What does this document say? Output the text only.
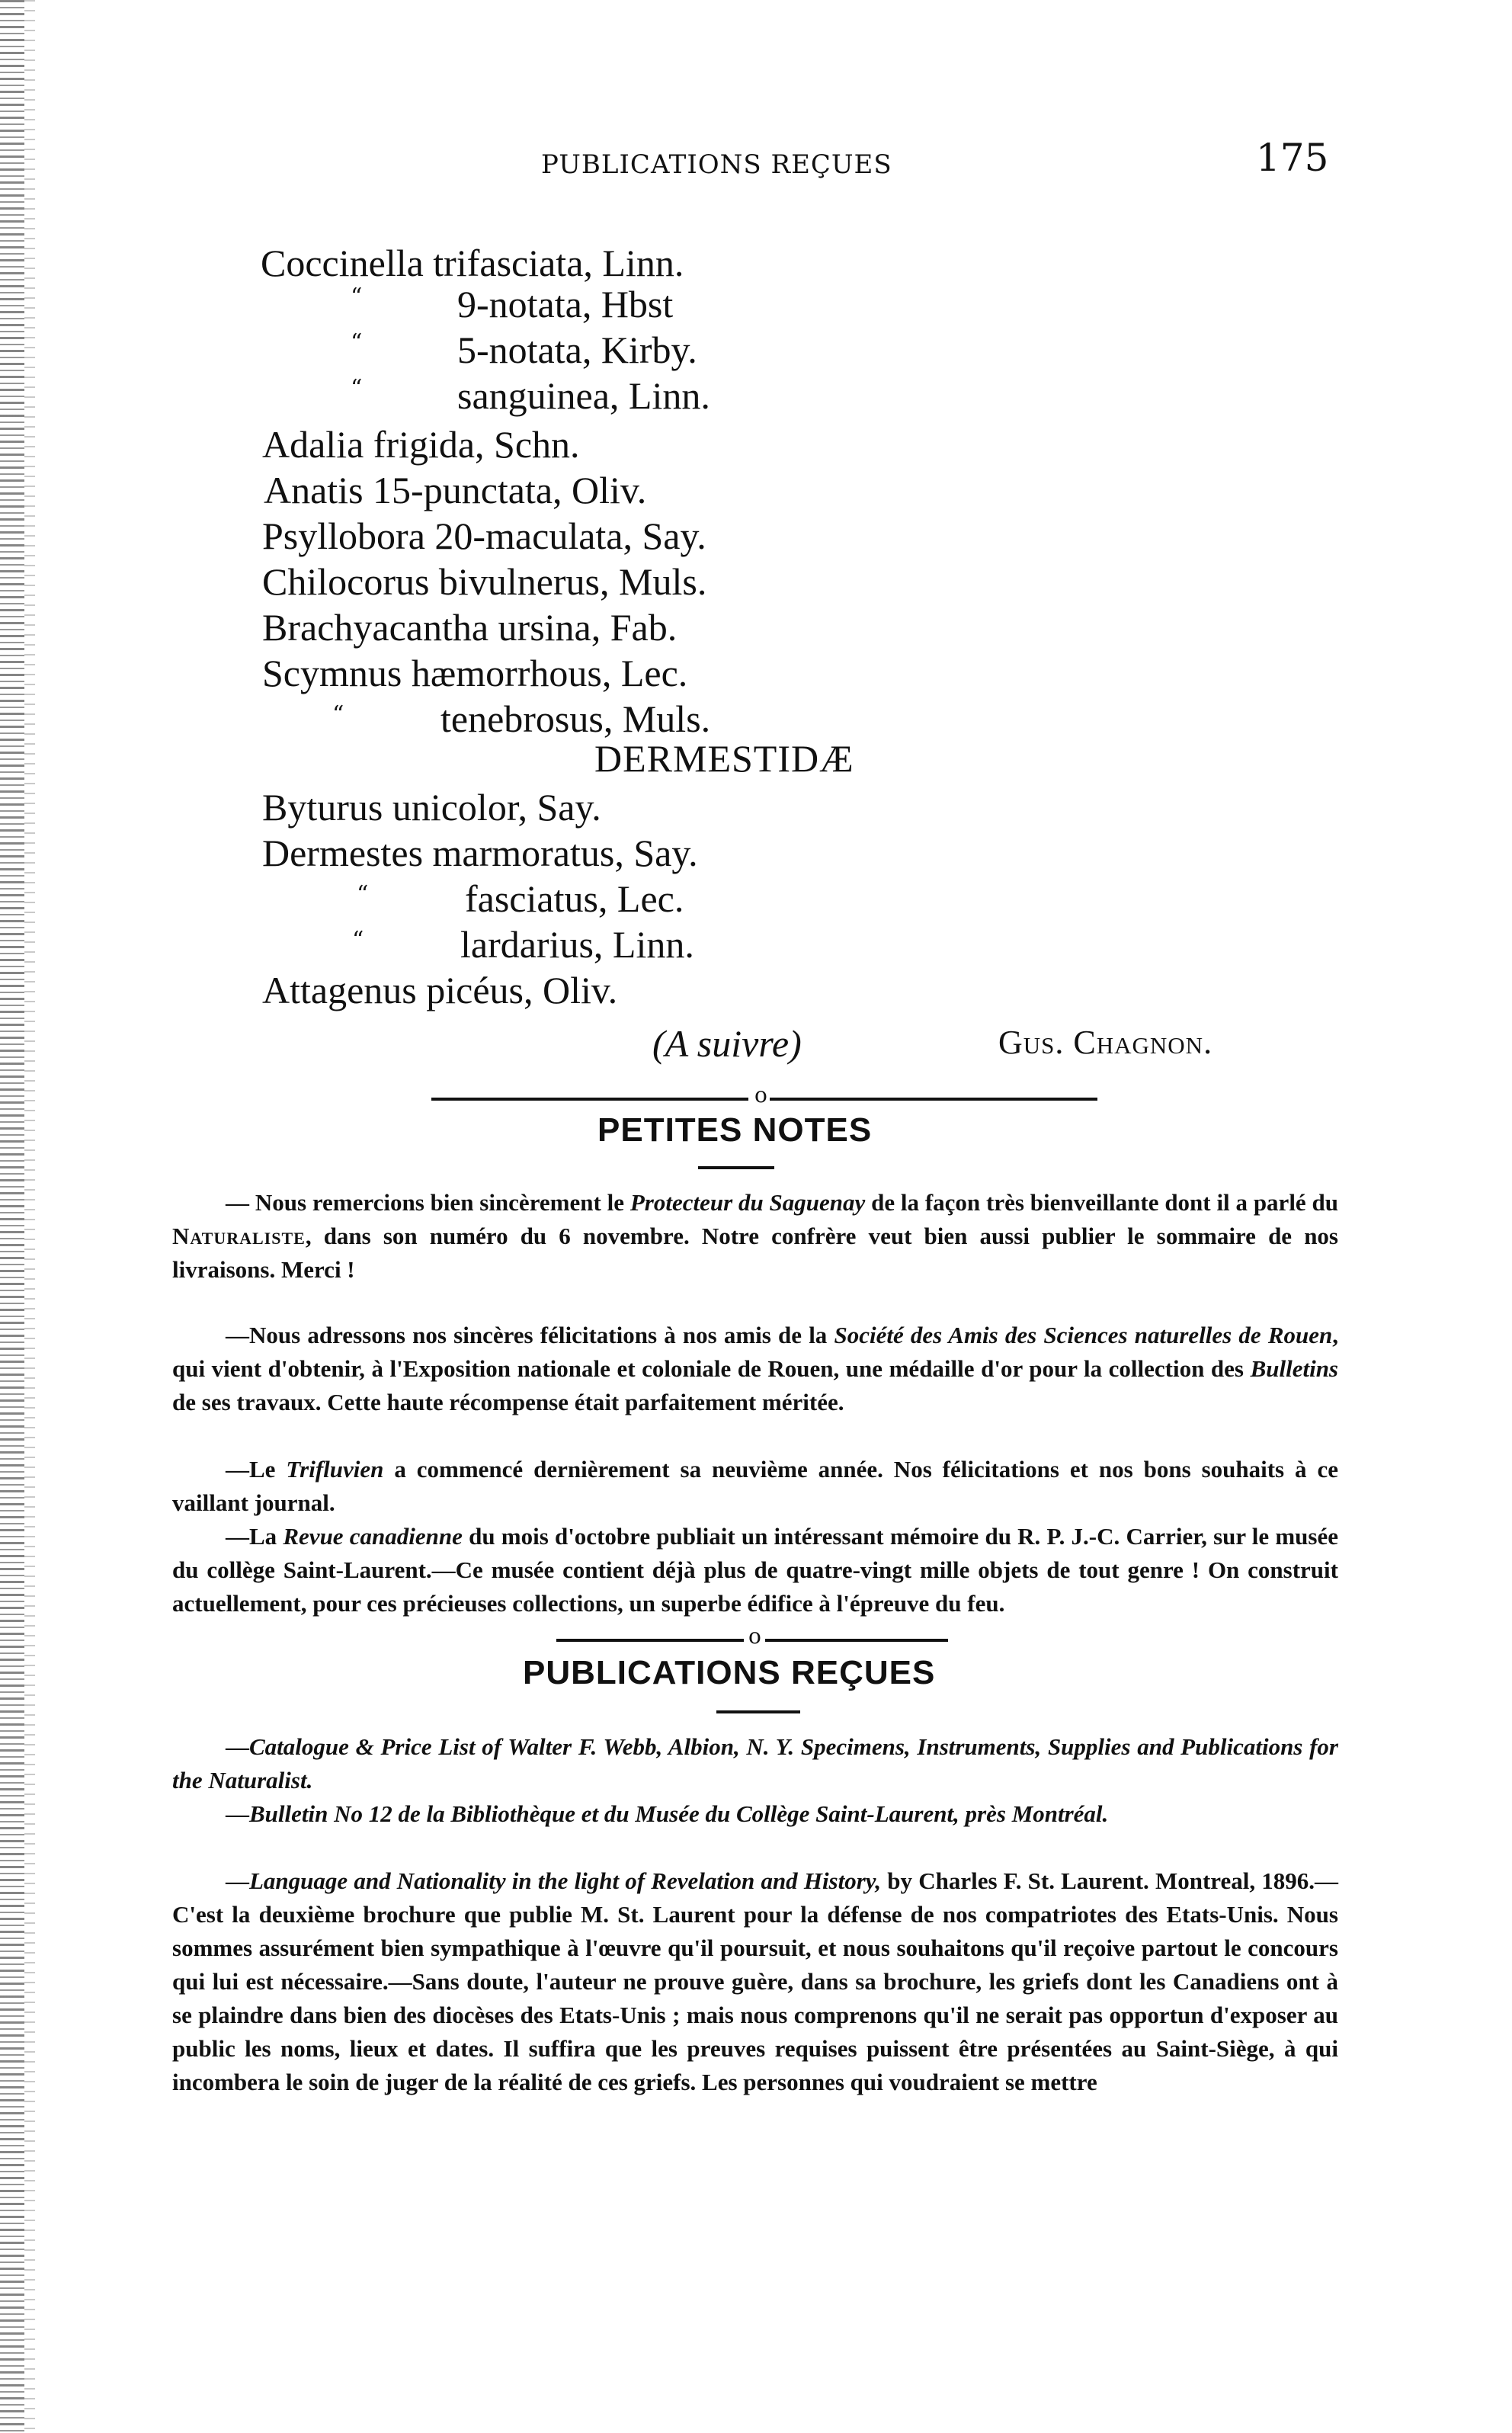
PUBLICATIONS REÇUES	175
Coccinella trifasciata, Linn.
“ 9-notata, Hbst
“ 5-notata, Kirby.
“ sanguinea, Linn.
Adalia frigida, Schn.
Anatis 15-punctata, Oliv.
Psyllobora 20-maculata, Say.
Chilocorus bivulnerus, Muls.
Brachyacantha ursina, Fab.
Scymnus hæmorrhous, Lec.
“	tenebrosus, Muls.
DERMESTIDÆ
Byturus unicolor, Say.
Dermestes marmoratus, Say.
“	fasciatus, Lec.
“	lardarius, Linn.
Attagenus picéus, Oliv.
(A suivre)	Gus. Chagnon.
o
PETITES NOTES

— Nous remercions bien sincèrement le Protecteur du Saguenay de la façon très bienveillante dont il a parlé du Naturaliste, dans son numéro du 6 novembre. Notre confrère veut bien aussi publier le sommaire de nos livraisons. Merci !

—Nous adressons nos sincères félicitations à nos amis de la Société des Amis des Sciences naturelles de Rouen, qui vient d'obtenir, à l'Exposition nationale et coloniale de Rouen, une médaille d'or pour la collection des Bulletins de ses travaux. Cette haute récompense était parfaitement méritée.

—Le Trifluvien a commencé dernièrement sa neuvième année. Nos félicitations et nos bons souhaits à ce vaillant journal.

—La Revue canadienne du mois d'octobre publiait un intéressant mémoire du R. P. J.-C. Carrier, sur le musée du collège Saint-Laurent.—Ce musée contient déjà plus de quatre-vingt mille objets de tout genre ! On construit actuellement, pour ces précieuses collections, un superbe édifice à l'épreuve du feu.

o
PUBLICATIONS REÇUES

—Catalogue & Price List of Walter F. Webb, Albion, N. Y. Specimens, Instruments, Supplies and Publications for the Naturalist.

—Bulletin No 12 de la Bibliothèque et du Musée du Collège Saint-Laurent, près Montréal.

—Language and Nationality in the light of Revelation and History, by Charles F. St. Laurent. Montreal, 1896.—C'est la deuxième brochure que publie M. St. Laurent pour la défense de nos compatriotes des Etats-Unis. Nous sommes assurément bien sympathique à l'œuvre qu'il poursuit, et nous souhaitons qu'il reçoive partout le concours qui lui est nécessaire.—Sans doute, l'auteur ne prouve guère, dans sa brochure, les griefs dont les Canadiens ont à se plaindre dans bien des diocèses des Etats-Unis ; mais nous comprenons qu'il ne serait pas opportun d'exposer au public les noms, lieux et dates. Il suffira que les preuves requises puissent être présentées au Saint-Siège, à qui incombera le soin de juger de la réalité de ces griefs. Les personnes qui voudraient se mettre
